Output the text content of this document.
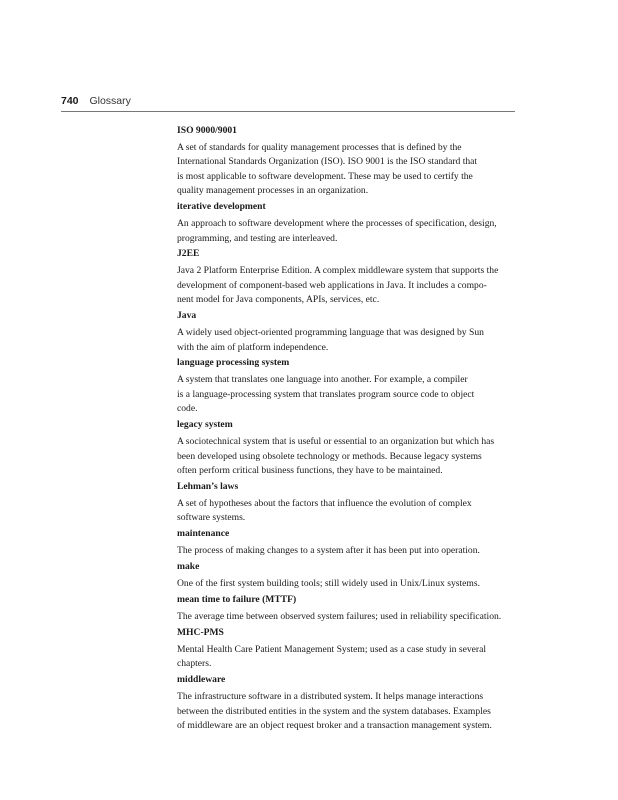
740 Glossary
ISO 9000/9001
A set of standards for quality management processes that is defined by the
International Standards Organization (ISO). ISO 9001 is the ISO standard that
is most applicable to software development. These may be used to certify the
quality management processes in an organization.
iterative development
An approach to software development where the processes of specification, design,
programming, and testing are interleaved.
J2EE
Java 2 Platform Enterprise Edition. A complex middleware system that supports the
development of component-based web applications in Java. It includes a compo-
nent model for Java components, APIs, services, etc.
Java
A widely used object-oriented programming language that was designed by Sun
with the aim of platform independence.
language processing system
A system that translates one language into another. For example, a compiler
is a language-processing system that translates program source code to object
code.
legacy system
A sociotechnical system that is useful or essential to an organization but which has
been developed using obsolete technology or methods. Because legacy systems
often perform critical business functions, they have to be maintained.
Lehman’s laws
A set of hypotheses about the factors that influence the evolution of complex
software systems.
maintenance
The process of making changes to a system after it has been put into operation.
make
One of the first system building tools; still widely used in Unix/Linux systems.
mean time to failure (MTTF)
The average time between observed system failures; used in reliability specification.
MHC-PMS
Mental Health Care Patient Management System; used as a case study in several
chapters.
middleware
The infrastructure software in a distributed system. It helps manage interactions
between the distributed entities in the system and the system databases. Examples
of middleware are an object request broker and a transaction management system.
